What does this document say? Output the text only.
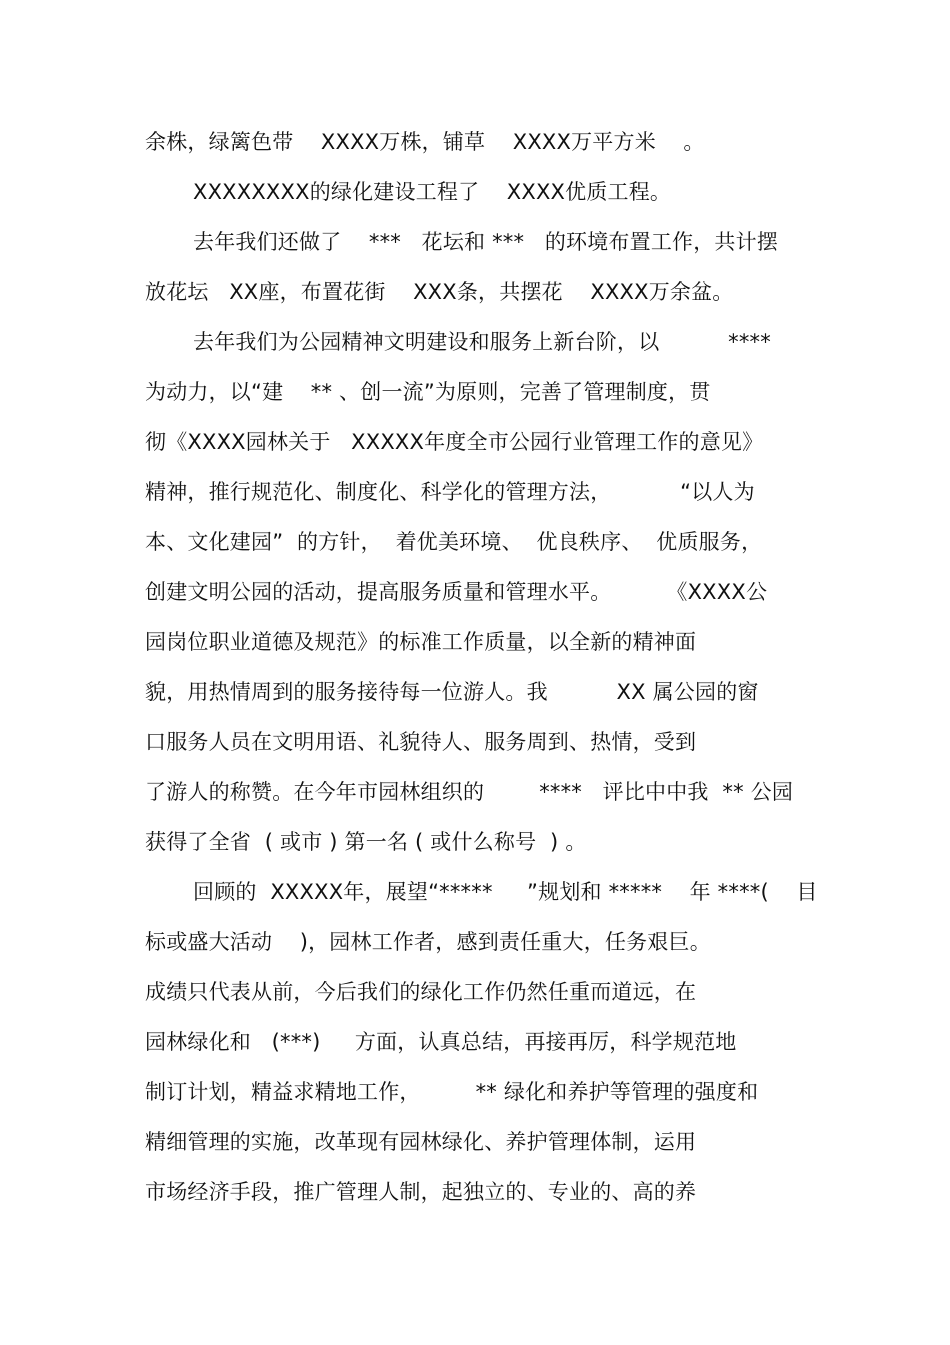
余株，绿篱色带    XXXX万株，铺草    XXXX万平方米    。
XXXXXXXX的绿化建设工程了    XXXX优质工程。
去年我们还做了    ***   花坛和 ***   的环境布置工作，共计摆
放花坛   XX座，布置花街    XXX条，共摆花    XXXX万余盆。
去年我们为公园精神文明建设和服务上新台阶，以          ****
为动力，以“建    ** 、创一流”为原则，完善了管理制度，贯
彻《XXXX园林关于   XXXXX年度全市公园行业管理工作的意见》
精神，推行规范化、制度化、科学化的管理方法，          “以人为
本、文化建园”  的方针，  着优美环境、  优良秩序、  优质服务，
创建文明公园的活动，提高服务质量和管理水平。        《XXXX公
园岗位职业道德及规范》的标准工作质量，以全新的精神面
貌，用热情周到的服务接待每一位游人。我          XX 属公园的窗
口服务人员在文明用语、礼貌待人、服务周到、热情，受到
了游人的称赞。在今年市园林组织的        ****   评比中中我  ** 公园
获得了全省  ( 或市 ) 第一名 ( 或什么称号  ) 。
回顾的  XXXXX年，展望“*****     ”规划和 *****    年 ****(    目
标或盛大活动    )，园林工作者，感到责任重大，任务艰巨。
成绩只代表从前，今后我们的绿化工作仍然任重而道远，在
园林绿化和   (***)     方面，认真总结，再接再厉，科学规范地
制订计划，精益求精地工作，        ** 绿化和养护等管理的强度和
精细管理的实施，改革现有园林绿化、养护管理体制，运用
市场经济手段，推广管理人制，起独立的、专业的、高的养
